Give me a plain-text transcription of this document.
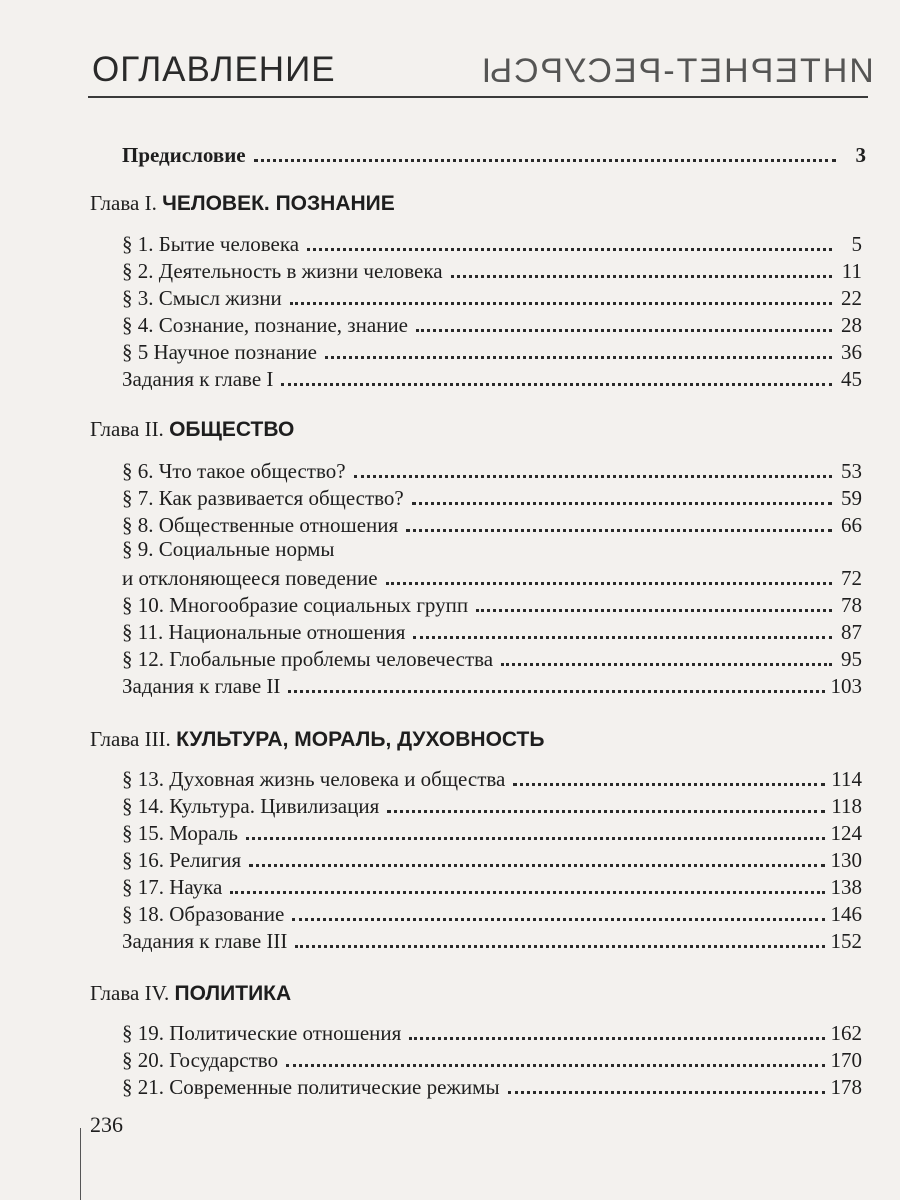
ИНТЕРНЕТ-РЕСУРСЫ
ОГЛАВЛЕНИЕ
Предисловие	3
Глава I. ЧЕЛОВЕК. ПОЗНАНИЕ
§ 1. Бытие человека	5
§ 2. Деятельность в жизни человека	11
§ 3. Смысл жизни	22
§ 4. Сознание, познание, знание	28
§ 5 Научное познание	36
Задания к главе I	45
Глава II. ОБЩЕСТВО
§ 6. Что такое общество?	53
§ 7. Как развивается общество?	59
§ 8. Общественные отношения	66
§ 9. Социальные нормы
и отклоняющееся поведение	72
§ 10. Многообразие социальных групп	78
§ 11. Национальные отношения	87
§ 12. Глобальные проблемы человечества	95
Задания к главе II	103
Глава III. КУЛЬТУРА, МОРАЛЬ, ДУХОВНОСТЬ
§ 13. Духовная жизнь человека и общества	114
§ 14. Культура. Цивилизация	118
§ 15. Мораль	124
§ 16. Религия	130
§ 17. Наука	138
§ 18. Образование	146
Задания к главе III	152
Глава IV. ПОЛИТИКА
§ 19. Политические отношения	162
§ 20. Государство	170
§ 21. Современные политические режимы	178
236
